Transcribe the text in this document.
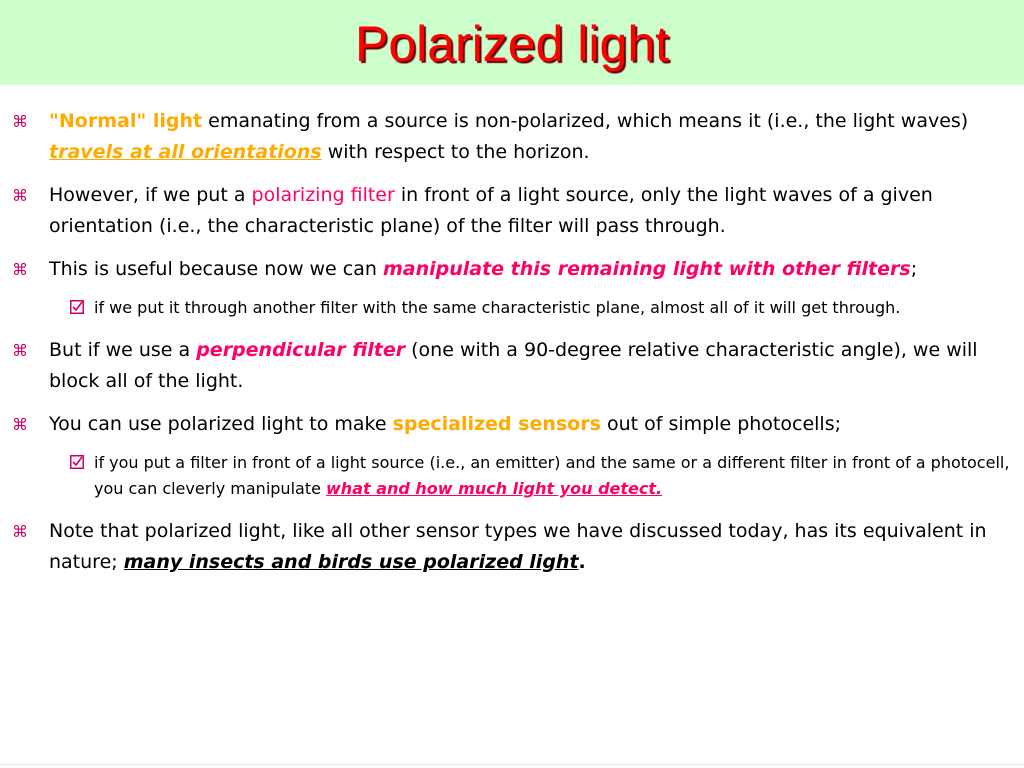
Polarized light
⌘ "Normal" light emanating from a source is non-polarized, which means it (i.e., the light waves) travels at all orientations with respect to the horizon.
⌘ However, if we put a polarizing filter in front of a light source, only the light waves of a given orientation (i.e., the characteristic plane) of the filter will pass through.
⌘ This is useful because now we can manipulate this remaining light with other filters;
if we put it through another filter with the same characteristic plane, almost all of it will get through.
⌘ But if we use a perpendicular filter (one with a 90-degree relative characteristic angle), we will block all of the light.
⌘ You can use polarized light to make specialized sensors out of simple photocells;
if you put a filter in front of a light source (i.e., an emitter) and the same or a different filter in front of a photocell, you can cleverly manipulate what and how much light you detect.
⌘ Note that polarized light, like all other sensor types we have discussed today, has its equivalent in nature; many insects and birds use polarized light.
